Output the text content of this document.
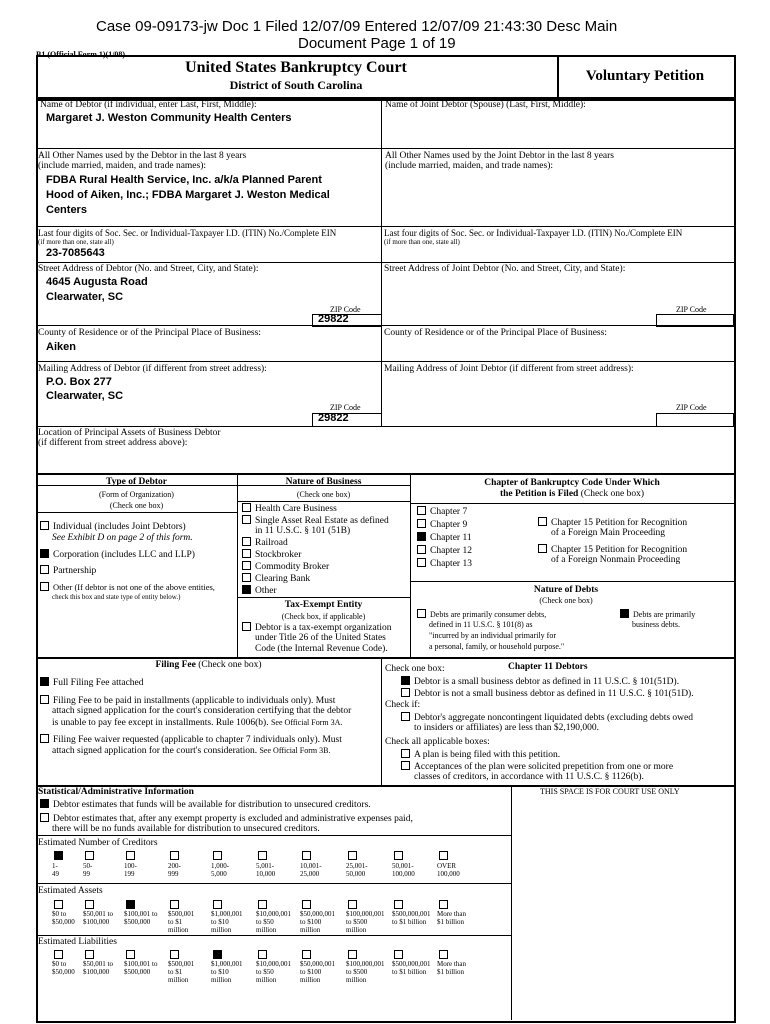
Case 09-09173-jw Doc 1 Filed 12/07/09 Entered 12/07/09 21:43:30 Desc Main
Document Page 1 of 19
B1 (Official Form 1)(1/08)
United States Bankruptcy Court
District of South Carolina
Voluntary Petition
Name of Debtor (if individual, enter Last, First, Middle):
Margaret J. Weston Community Health Centers
Name of Joint Debtor (Spouse) (Last, First, Middle):
All Other Names used by the Debtor in the last 8 years
(include married, maiden, and trade names):
FDBA Rural Health Service, Inc. a/k/a Planned Parent
Hood of Aiken, Inc.; FDBA Margaret J. Weston Medical
Centers
All Other Names used by the Joint Debtor in the last 8 years
(include married, maiden, and trade names):
Last four digits of Soc. Sec. or Individual-Taxpayer I.D. (ITIN) No./Complete EIN
(if more than one, state all)
23-7085643
Last four digits of Soc. Sec. or Individual-Taxpayer I.D. (ITIN) No./Complete EIN
(if more than one, state all)
Street Address of Debtor (No. and Street, City, and State):
4645 Augusta Road
Clearwater, SC
ZIP Code
29822
Street Address of Joint Debtor (No. and Street, City, and State):
ZIP Code
County of Residence or of the Principal Place of Business:
Aiken
County of Residence or of the Principal Place of Business:
Mailing Address of Debtor (if different from street address):
P.O. Box 277
Clearwater, SC
ZIP Code
29822
Mailing Address of Joint Debtor (if different from street address):
ZIP Code
Location of Principal Assets of Business Debtor
(if different from street address above):
Type of Debtor
(Form of Organization)
(Check one box)
Individual (includes Joint Debtors)
See Exhibit D on page 2 of this form.
Corporation (includes LLC and LLP)
Partnership
Other (If debtor is not one of the above entities,
check this box and state type of entity below.)
Nature of Business
(Check one box)
Health Care Business
Single Asset Real Estate as defined
in 11 U.S.C. § 101 (51B)
Railroad
Stockbroker
Commodity Broker
Clearing Bank
Other
Tax-Exempt Entity
(Check box, if applicable)
Debtor is a tax-exempt organization
under Title 26 of the United States
Code (the Internal Revenue Code).
Chapter of Bankruptcy Code Under Which
the Petition is Filed (Check one box)
Chapter 7
Chapter 9
Chapter 11
Chapter 12
Chapter 13
Chapter 15 Petition for Recognition
of a Foreign Main Proceeding
Chapter 15 Petition for Recognition
of a Foreign Nonmain Proceeding
Nature of Debts
(Check one box)
Debts are primarily consumer debts,
defined in 11 U.S.C. § 101(8) as
"incurred by an individual primarily for
a personal, family, or household purpose."
Debts are primarily
business debts.
Filing Fee (Check one box)
Full Filing Fee attached
Filing Fee to be paid in installments (applicable to individuals only). Must
attach signed application for the court's consideration certifying that the debtor
is unable to pay fee except in installments. Rule 1006(b). See Official Form 3A.
Filing Fee waiver requested (applicable to chapter 7 individuals only). Must
attach signed application for the court's consideration. See Official Form 3B.
Check one box:	Chapter 11 Debtors
Debtor is a small business debtor as defined in 11 U.S.C. § 101(51D).
Debtor is not a small business debtor as defined in 11 U.S.C. § 101(51D).
Check if:
Debtor's aggregate noncontingent liquidated debts (excluding debts owed
to insiders or affiliates) are less than $2,190,000.
Check all applicable boxes:
A plan is being filed with this petition.
Acceptances of the plan were solicited prepetition from one or more
classes of creditors, in accordance with 11 U.S.C. § 1126(b).
Statistical/Administrative Information	THIS SPACE IS FOR COURT USE ONLY
Debtor estimates that funds will be available for distribution to unsecured creditors.
Debtor estimates that, after any exempt property is excluded and administrative expenses paid,
there will be no funds available for distribution to unsecured creditors.
Estimated Number of Creditors
1-
49
50-
99
100-
199
200-
999
1,000-
5,000
5,001-
10,000
10,001-
25,000
25,001-
50,000
50,001-
100,000
OVER
100,000
Estimated Assets
$0 to
$50,000
$50,001 to
$100,000
$100,001 to
$500,000
$500,001
to $1
million
$1,000,001
to $10
million
$10,000,001
to $50
million
$50,000,001
to $100
million
$100,000,001
to $500
million
$500,000,001
to $1 billion
More than
$1 billion
Estimated Liabilities
$0 to
$50,000
$50,001 to
$100,000
$100,001 to
$500,000
$500,001
to $1
million
$1,000,001
to $10
million
$10,000,001
to $50
million
$50,000,001
to $100
million
$100,000,001
to $500
million
$500,000,001
to $1 billion
More than
$1 billion
